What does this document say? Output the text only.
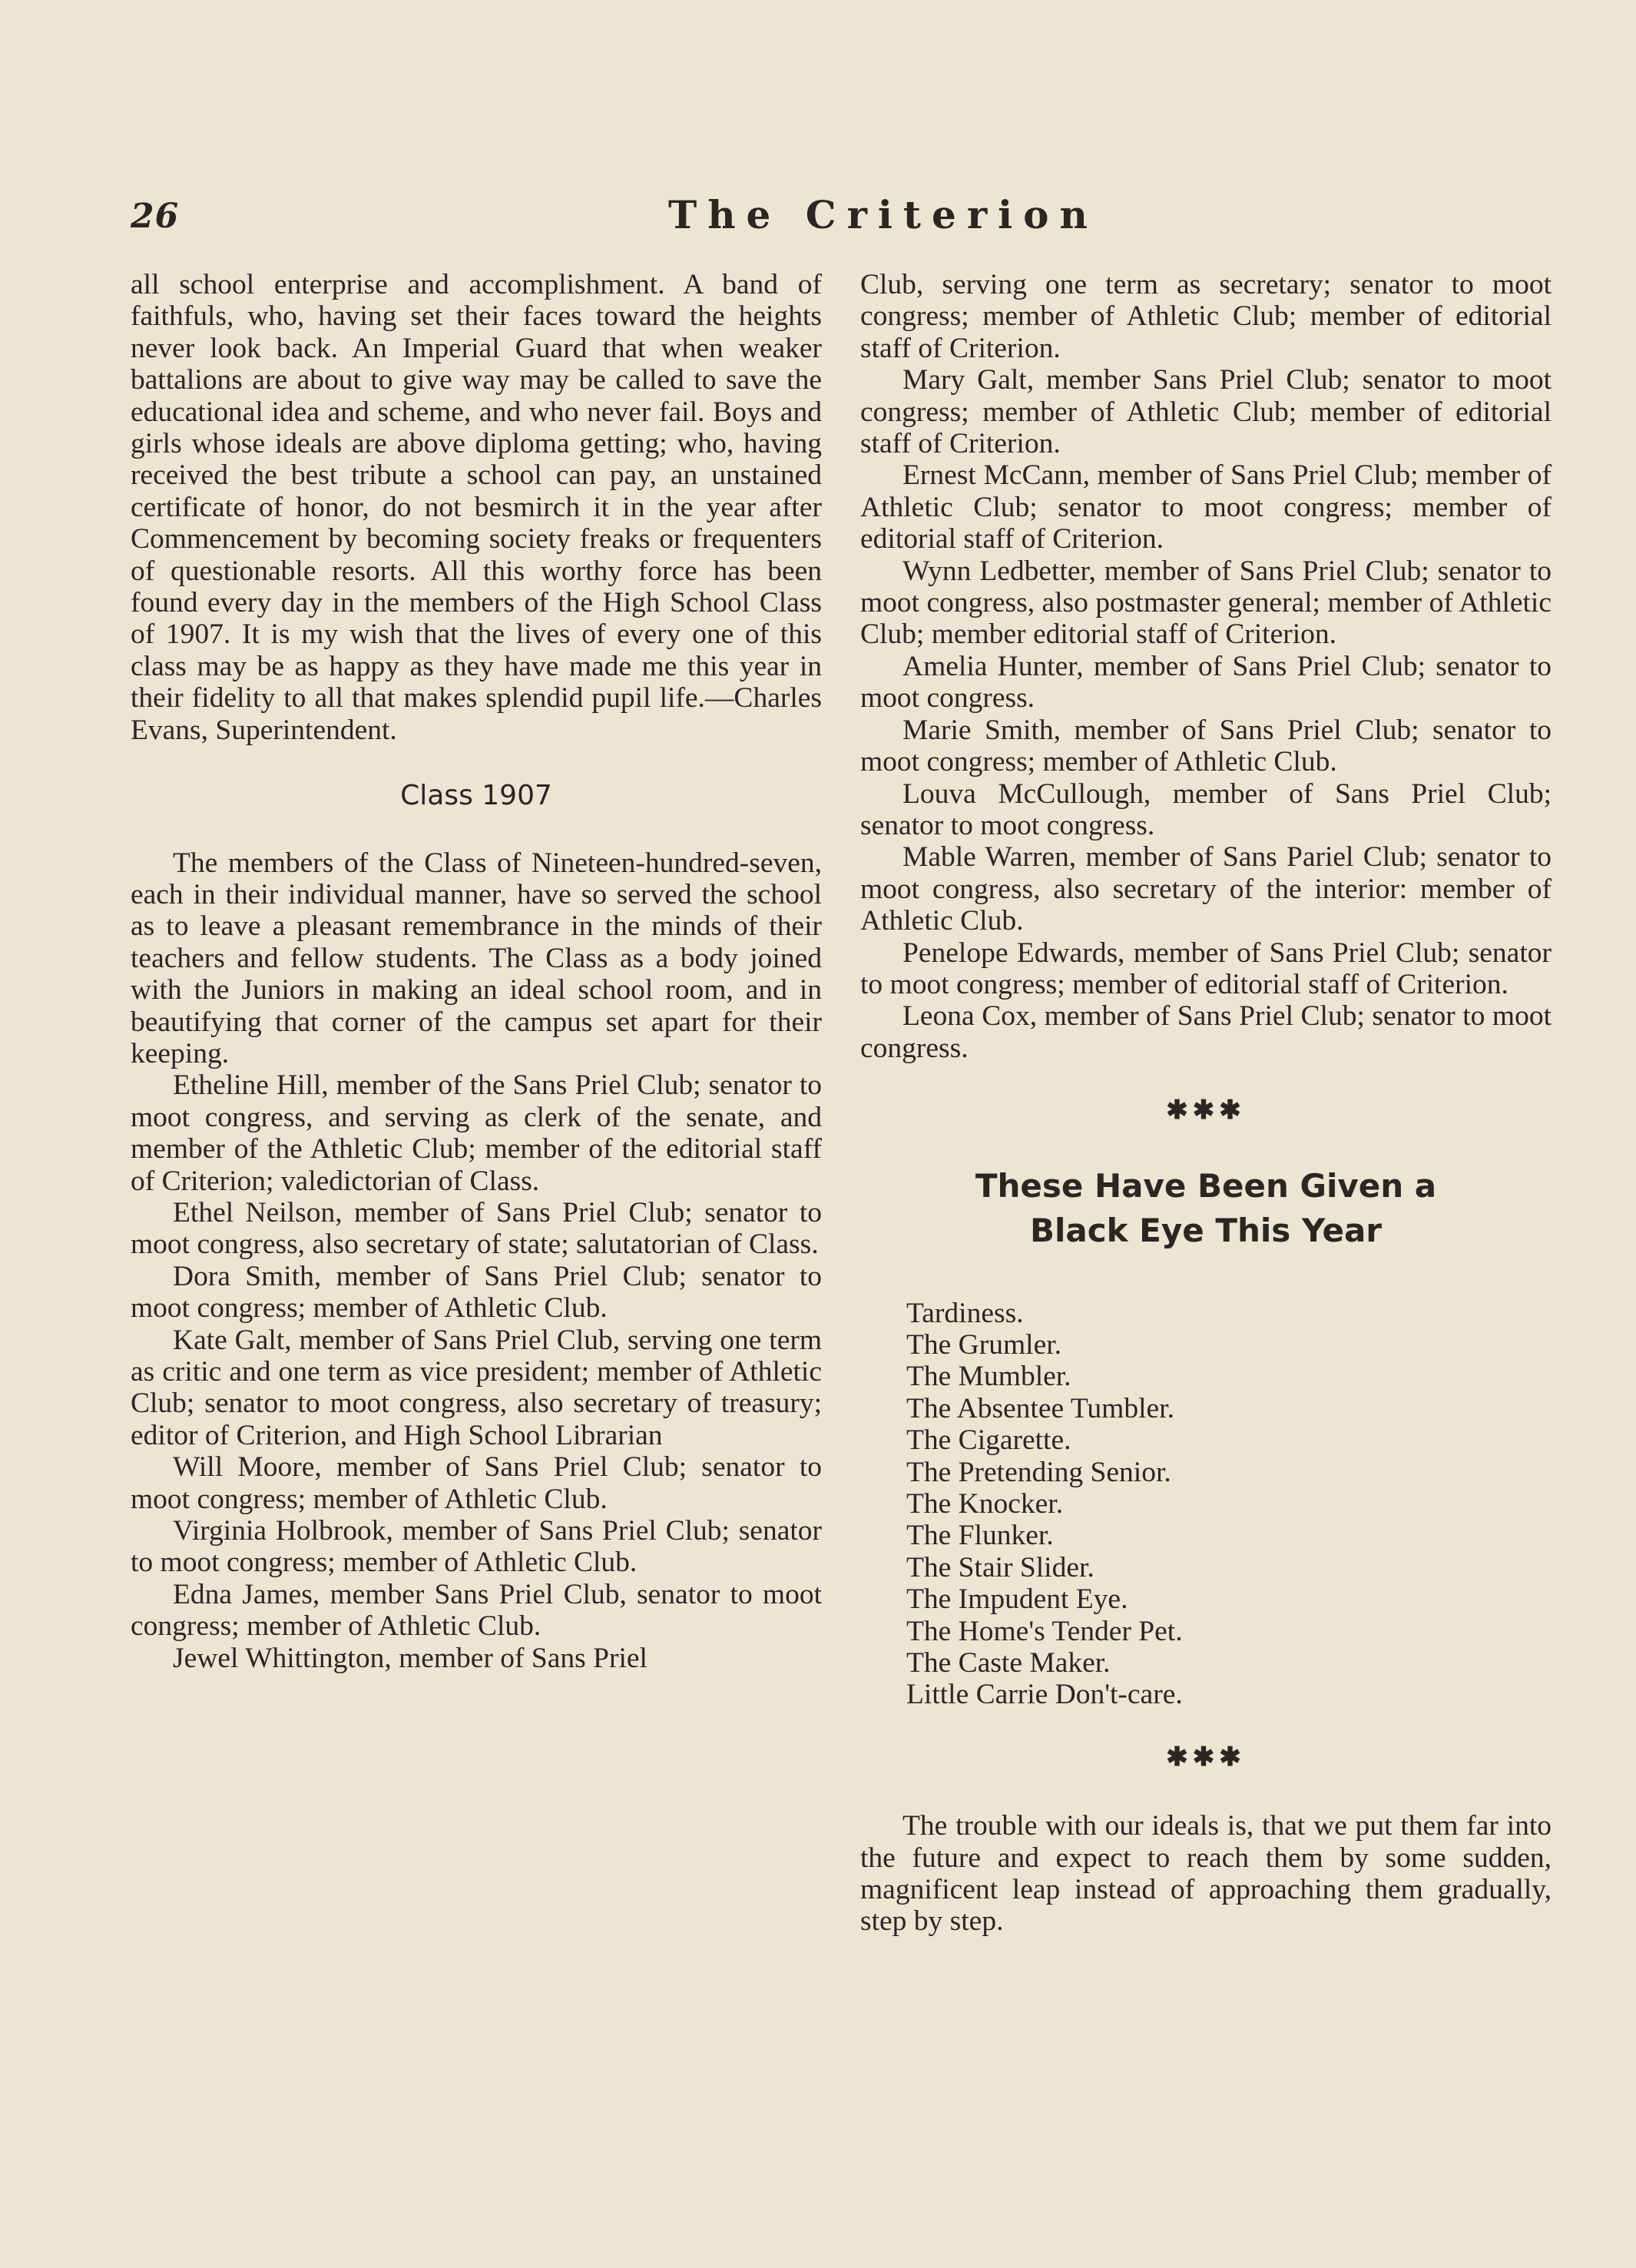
26	The Criterion

all school enterprise and accomplishment. A band of faithfuls, who, having set their faces toward the heights never look back. An Imperial Guard that when weaker battalions are about to give way may be called to save the educational idea and scheme, and who never fail. Boys and girls whose ideals are above diploma getting; who, having received the best tribute a school can pay, an unstained certificate of honor, do not besmirch it in the year after Commencement by becoming society freaks or frequenters of questionable resorts. All this worthy force has been found every day in the members of the High School Class of 1907. It is my wish that the lives of every one of this class may be as happy as they have made me this year in their fidelity to all that makes splendid pupil life.—Charles Evans, Superintendent.

Class 1907

The members of the Class of Nineteen-hundred-seven, each in their individual manner, have so served the school as to leave a pleasant remembrance in the minds of their teachers and fellow students. The Class as a body joined with the Juniors in making an ideal school room, and in beautifying that corner of the campus set apart for their keeping.

Etheline Hill, member of the Sans Priel Club; senator to moot congress, and serving as clerk of the senate, and member of the Athletic Club; member of the editorial staff of Criterion; valedictorian of Class.

Ethel Neilson, member of Sans Priel Club; senator to moot congress, also secretary of state; salutatorian of Class.

Dora Smith, member of Sans Priel Club; senator to moot congress; member of Athletic Club.

Kate Galt, member of Sans Priel Club, serving one term as critic and one term as vice president; member of Athletic Club; senator to moot congress, also secretary of treasury; editor of Criterion, and High School Librarian

Will Moore, member of Sans Priel Club; senator to moot congress; member of Athletic Club.

Virginia Holbrook, member of Sans Priel Club; senator to moot congress; member of Athletic Club.

Edna James, member Sans Priel Club, senator to moot congress; member of Athletic Club.

Jewel Whittington, member of Sans Priel

Club, serving one term as secretary; senator to moot congress; member of Athletic Club; member of editorial staff of Criterion.

Mary Galt, member Sans Priel Club; senator to moot congress; member of Athletic Club; member of editorial staff of Criterion.

Ernest McCann, member of Sans Priel Club; member of Athletic Club; senator to moot congress; member of editorial staff of Criterion.

Wynn Ledbetter, member of Sans Priel Club; senator to moot congress, also postmaster general; member of Athletic Club; member editorial staff of Criterion.

Amelia Hunter, member of Sans Priel Club; senator to moot congress.

Marie Smith, member of Sans Priel Club; senator to moot congress; member of Athletic Club.

Louva McCullough, member of Sans Priel Club; senator to moot congress.

Mable Warren, member of Sans Pariel Club; senator to moot congress, also secretary of the interior: member of Athletic Club.

Penelope Edwards, member of Sans Priel Club; senator to moot congress; member of editorial staff of Criterion.

Leona Cox, member of Sans Priel Club; senator to moot congress.

✱✱✱
These Have Been Given a
Black Eye This Year
Tardiness.
The Grumler.
The Mumbler.
The Absentee Tumbler.
The Cigarette.
The Pretending Senior.
The Knocker.
The Flunker.
The Stair Slider.
The Impudent Eye.
The Home's Tender Pet.
The Caste Maker.
Little Carrie Don't-care.
✱✱✱

The trouble with our ideals is, that we put them far into the future and expect to reach them by some sudden, magnificent leap instead of approaching them gradually, step by step.
